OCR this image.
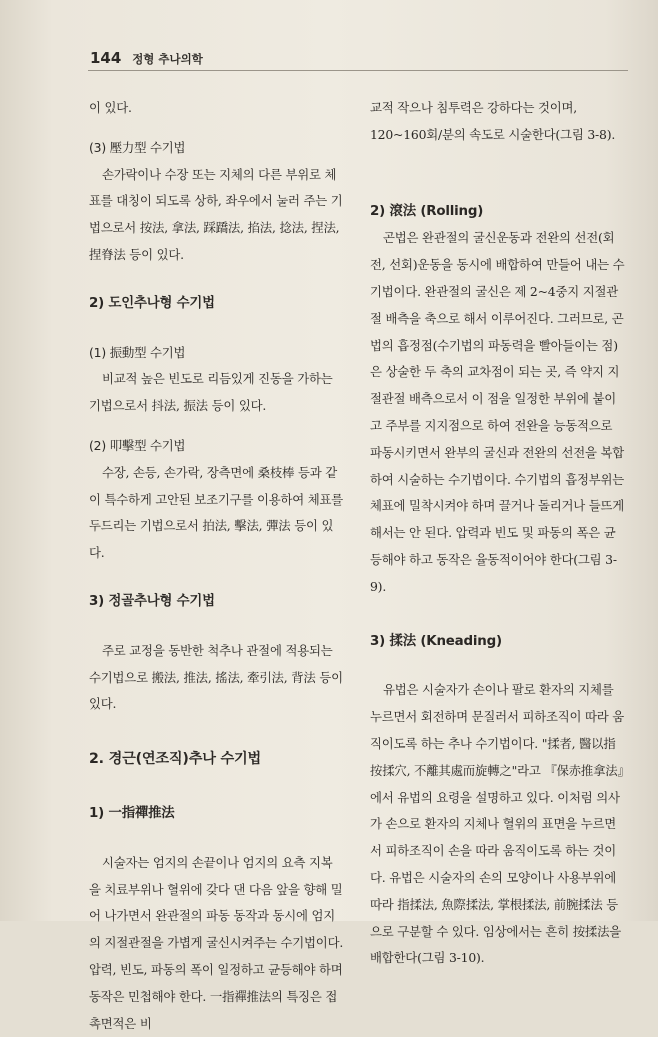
144 정형 추나의학

이 있다.

(3) 壓力型 수기법

손가락이나 수장 또는 지체의 다른 부위로 체표를 대칭이 되도록 상하, 좌우에서 눌러 주는 기법으로서 按法, 拿法, 踩蹻法, 掐法, 捻法, 捏法, 捏脊法 등이 있다.

2) 도인추나형 수기법

(1) 振動型 수기법

비교적 높은 빈도로 리듬있게 진동을 가하는 기법으로서 抖法, 振法 등이 있다.

(2) 叩擊型 수기법

수장, 손등, 손가락, 장측면에 桑枝棒 등과 같이 특수하게 고안된 보조기구를 이용하여 체표를 두드리는 기법으로서 拍法, 擊法, 彈法 등이 있다.

3) 정골추나형 수기법

주로 교정을 동반한 척추나 관절에 적용되는 수기법으로 搬法, 推法, 搖法, 牽引法, 背法 등이 있다.

2. 경근(연조직)추나 수기법

1) 一指禪推法

시술자는 엄지의 손끝이나 엄지의 요측 지복을 치료부위나 혈위에 갖다 댄 다음 앞을 향해 밀어 나가면서 완관절의 파동 동작과 동시에 엄지의 지절관절을 가볍게 굴신시켜주는 수기법이다. 압력, 빈도, 파동의 폭이 일정하고 균등해야 하며 동작은 민첩해야 한다. 一指禪推法의 특징은 접촉면적은 비

교적 작으나 침투력은 강하다는 것이며, 120~160회/분의 속도로 시술한다(그림 3-8).

2) 滾法 (Rolling)

곤법은 완관절의 굴신운동과 전완의 선전(회전, 선회)운동을 동시에 배합하여 만들어 내는 수기법이다. 완관절의 굴신은 제 2~4중지 지절관절 배측을 축으로 해서 이루어진다. 그러므로, 곤법의 흡정점(수기법의 파동력을 빨아들이는 점)은 상술한 두 축의 교차점이 되는 곳, 즉 약지 지절관절 배측으로서 이 점을 일정한 부위에 붙이고 주부를 지지점으로 하여 전완을 능동적으로 파동시키면서 완부의 굴신과 전완의 선전을 복합하여 시술하는 수기법이다. 수기법의 흡정부위는 체표에 밀착시켜야 하며 끌거나 돌리거나 들뜨게 해서는 안 된다. 압력과 빈도 및 파동의 폭은 균등해야 하고 동작은 율동적이어야 한다(그림 3-9).

3) 揉法 (Kneading)

유법은 시술자가 손이나 팔로 환자의 지체를 누르면서 회전하며 문질러서 피하조직이 따라 움직이도록 하는 추나 수기법이다. "揉者, 醫以指按揉穴, 不離其處而旋轉之"라고 『保赤推拿法』에서 유법의 요령을 설명하고 있다. 이처럼 의사가 손으로 환자의 지체나 혈위의 표면을 누르면서 피하조직이 손을 따라 움직이도록 하는 것이다. 유법은 시술자의 손의 모양이나 사용부위에 따라 指揉法, 魚際揉法, 掌根揉法, 前腕揉法 등으로 구분할 수 있다. 임상에서는 흔히 按揉法을 배합한다(그림 3-10).
